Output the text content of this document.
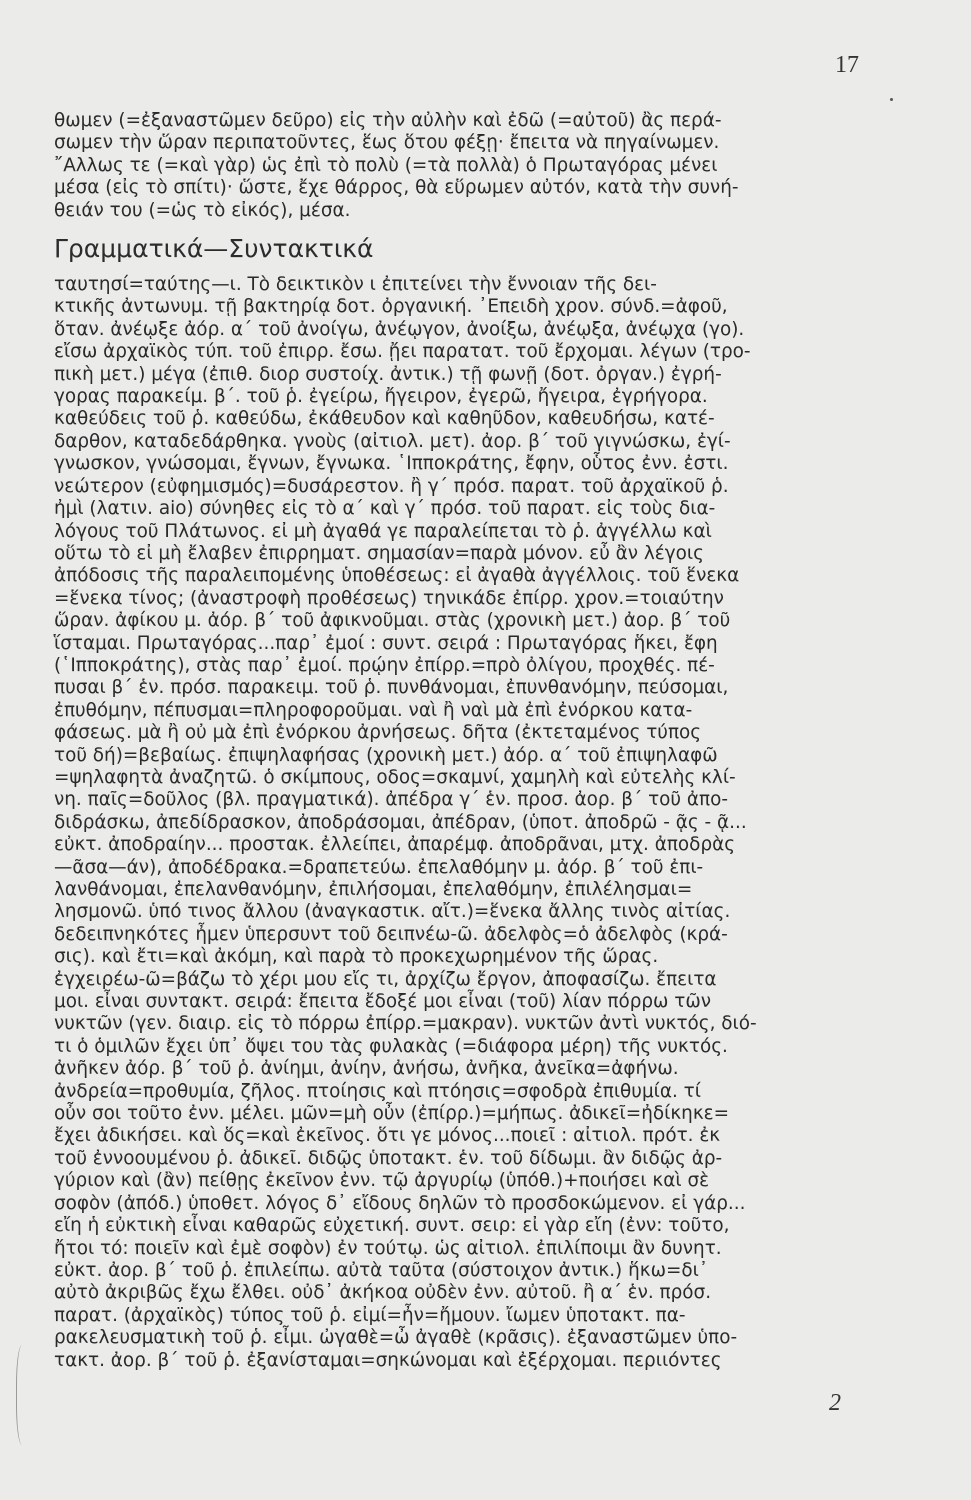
17
θωμεν (=ἐξαναστῶμεν δεῦρο) εἰς τὴν αὐλὴν καὶ ἐδῶ (=αὐτοῦ) ἂς περά-
σωμεν τὴν ὥραν περιπατοῦντες, ἕως ὅτου φέξῃ· ἔπειτα νὰ πηγαίνωμεν.
῎Αλλως τε (=καὶ γὰρ) ὡς ἐπὶ τὸ πολὺ (=τὰ πολλὰ) ὁ Πρωταγόρας μένει
μέσα (εἰς τὸ σπίτι)· ὥστε, ἔχε θάρρος, θὰ εὕρωμεν αὐτόν, κατὰ τὴν συνή-
θειάν του (=ὡς τὸ εἰκός), μέσα.
Γραμματικά—Συντακτικά
ταυτησί=ταύτης—ι. Τὸ δεικτικὸν ι ἐπιτείνει τὴν ἔννοιαν τῆς δει-
κτικῆς ἀντωνυμ. τῇ βακτηρίᾳ δοτ. ὀργανική. ᾿Επειδὴ χρον. σύνδ.=ἀφοῦ,
ὅταν. ἀνέῳξε ἀόρ. α΄ τοῦ ἀνοίγω, ἀνέῳγον, ἀνοίξω, ἀνέῳξα, ἀνέῳχα (γο).
εἴσω ἀρχαϊκὸς τύπ. τοῦ ἐπιρρ. ἔσω. ᾔει παρατατ. τοῦ ἔρχομαι. λέγων (τρο-
πικὴ μετ.) μέγα (ἐπιθ. διορ συστοίχ. ἀντικ.) τῇ φωνῇ (δοτ. ὀργαν.) ἐγρή-
γορας παρακείμ. β΄. τοῦ ῥ. ἐγείρω, ἤγειρον, ἐγερῶ, ἤγειρα, ἐγρήγορα.
καθεύδεις τοῦ ῥ. καθεύδω, ἐκάθευδον καὶ καθηῦδον, καθευδήσω, κατέ-
δαρθον, καταδεδάρθηκα. γνοὺς (αἰτιολ. μετ). ἀορ. β΄ τοῦ γιγνώσκω, ἐγί-
γνωσκον, γνώσομαι, ἔγνων, ἔγνωκα. ῾Ιπποκράτης, ἔφην, οὗτος ἐνν. ἐστι.
νεώτερον (εὐφημισμός)=δυσάρεστον. ἢ γ΄ πρόσ. παρατ. τοῦ ἀρχαϊκοῦ ῥ.
ἠμὶ (λατιν. aio) σύνηθες εἰς τὸ α΄ καὶ γ΄ πρόσ. τοῦ παρατ. εἰς τοὺς δια-
λόγους τοῦ Πλάτωνος. εἰ μὴ ἀγαθά γε παραλείπεται τὸ ῥ. ἀγγέλλω καὶ
οὕτω τὸ εἰ μὴ ἔλαβεν ἐπιρρηματ. σημασίαν=παρὰ μόνον. εὖ ἂν λέγοις
ἀπόδοσις τῆς παραλειπομένης ὑποθέσεως: εἰ ἀγαθὰ ἀγγέλλοις. τοῦ ἕνεκα
=ἕνεκα τίνος; (ἀναστροφὴ προθέσεως) τηνικάδε ἐπίρρ. χρον.=τοιαύτην
ὥραν. ἀφίκου μ. ἀόρ. β΄ τοῦ ἀφικνοῦμαι. στὰς (χρονικὴ μετ.) ἀορ. β΄ τοῦ
ἵσταμαι. Πρωταγόρας...παρ᾽ ἐμοί : συντ. σειρά : Πρωταγόρας ἥκει, ἔφη
(῾Ιπποκράτης), στὰς παρ᾽ ἐμοί. πρῴην ἐπίρρ.=πρὸ ὀλίγου, προχθές. πέ-
πυσαι β΄ ἑν. πρόσ. παρακειμ. τοῦ ῥ. πυνθάνομαι, ἐπυνθανόμην, πεύσομαι,
ἐπυθόμην, πέπυσμαι=πληροφοροῦμαι. ναὶ ἢ ναὶ μὰ ἐπὶ ἐνόρκου κατα-
φάσεως. μὰ ἢ οὐ μὰ ἐπὶ ἐνόρκου ἀρνήσεως. δῆτα (ἐκτεταμένος τύπος
τοῦ δή)=βεβαίως. ἐπιψηλαφήσας (χρονικὴ μετ.) ἀόρ. α΄ τοῦ ἐπιψηλαφῶ
=ψηλαφητὰ ἀναζητῶ. ὁ σκίμπους, οδος=σκαμνί, χαμηλὴ καὶ εὐτελὴς κλί-
νη. παῖς=δοῦλος (βλ. πραγματικά). ἀπέδρα γ΄ ἑν. προσ. ἀορ. β΄ τοῦ ἀπο-
διδράσκω, ἀπεδίδρασκον, ἀποδράσομαι, ἀπέδραν, (ὑποτ. ἀποδρῶ - ᾷς - ᾷ...
εὐκτ. ἀποδραίην... προστακ. ἐλλείπει, ἀπαρέμφ. ἀποδρᾶναι, μτχ. ἀποδρὰς
—ᾶσα—άν), ἀποδέδρακα.=δραπετεύω. ἐπελαθόμην μ. ἀόρ. β΄ τοῦ ἐπι-
λανθάνομαι, ἐπελανθανόμην, ἐπιλήσομαι, ἐπελαθόμην, ἐπιλέλησμαι=
λησμονῶ. ὑπό τινος ἄλλου (ἀναγκαστικ. αἴτ.)=ἕνεκα ἄλλης τινὸς αἰτίας.
δεδειπνηκότες ἦμεν ὑπερσυντ τοῦ δειπνέω-ῶ. ἀδελφὸς=ὁ ἀδελφὸς (κρά-
σις). καὶ ἔτι=καὶ ἀκόμη, καὶ παρὰ τὸ προκεχωρημένον τῆς ὥρας.
ἐγχειρέω-ῶ=βάζω τὸ χέρι μου εἴς τι, ἀρχίζω ἔργον, ἀποφασίζω. ἔπειτα
μοι. εἶναι συντακτ. σειρά: ἔπειτα ἔδοξέ μοι εἶναι (τοῦ) λίαν πόρρω τῶν
νυκτῶν (γεν. διαιρ. εἰς τὸ πόρρω ἐπίρρ.=μακραν). νυκτῶν ἀντὶ νυκτός, διό-
τι ὁ ὁμιλῶν ἔχει ὑπ᾽ ὄψει του τὰς φυλακὰς (=διάφορα μέρη) τῆς νυκτός.
ἀνῆκεν ἀόρ. β΄ τοῦ ῥ. ἀνίημι, ἀνίην, ἀνήσω, ἀνῆκα, ἀνεῖκα=ἀφήνω.
ἀνδρεία=προθυμία, ζῆλος. πτοίησις καὶ πτόησις=σφοδρὰ ἐπιθυμία. τί
οὖν σοι τοῦτο ἐνν. μέλει. μῶν=μὴ οὖν (ἐπίρρ.)=μήπως. ἀδικεῖ=ἠδίκηκε=
ἔχει ἀδικήσει. καὶ ὅς=καὶ ἐκεῖνος. ὅτι γε μόνος...ποιεῖ : αἰτιολ. πρότ. ἐκ
τοῦ ἐννοουμένου ῥ. ἀδικεῖ. διδῷς ὑποτακτ. ἑν. τοῦ δίδωμι. ἂν διδῷς ἀρ-
γύριον καὶ (ἂν) πείθῃς ἐκεῖνον ἐνν. τῷ ἀργυρίῳ (ὑπόθ.)+ποιήσει καὶ σὲ
σοφὸν (ἀπόδ.) ὑποθετ. λόγος δ᾽ εἴδους δηλῶν τὸ προσδοκώμενον. εἰ γάρ...
εἴη ἡ εὐκτικὴ εἶναι καθαρῶς εὐχετική. συντ. σειρ: εἰ γὰρ εἴη (ἐνν: τοῦτο,
ἤτοι τό: ποιεῖν καὶ ἐμὲ σοφὸν) ἐν τούτῳ. ὡς αἰτιολ. ἐπιλίποιμι ἂν δυνητ.
εὐκτ. ἀορ. β΄ τοῦ ῥ. ἐπιλείπω. αὐτὰ ταῦτα (σύστοιχον ἀντικ.) ἥκω=δι᾽
αὐτὸ ἀκριβῶς ἔχω ἔλθει. οὐδ᾽ ἀκήκοα οὐδὲν ἐνν. αὐτοῦ. ἢ α΄ ἑν. πρόσ.
παρατ. (ἀρχαϊκὸς) τύπος τοῦ ῥ. εἰμί=ἦν=ἤμουν. ἴωμεν ὑποτακτ. πα-
ρακελευσματικὴ τοῦ ῥ. εἶμι. ὠγαθὲ=ὦ ἀγαθὲ (κρᾶσις). ἐξαναστῶμεν ὑπο-
τακτ. ἀορ. β΄ τοῦ ῥ. ἐξανίσταμαι=σηκώνομαι καὶ ἐξέρχομαι. περιιόντες
2
